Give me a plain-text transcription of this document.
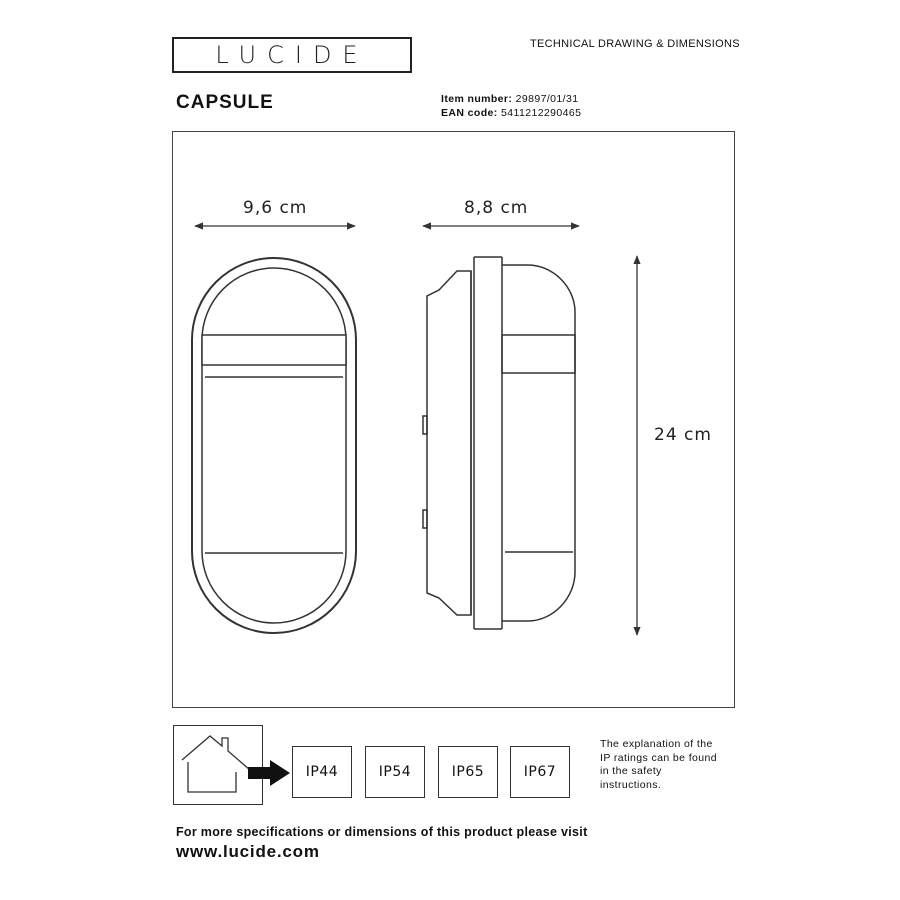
LUCIDE	TECHNICAL DRAWING & DIMENSIONS
CAPSULE	Item number: 29897/01/31
EAN code: 5411212290465
9,6 cm	8,8 cm
24 cm
IP44	IP54	IP65	IP67
The explanation of the
IP ratings can be found
in the safety
instructions.
For more specifications or dimensions of this product please visit
www.lucide.com
